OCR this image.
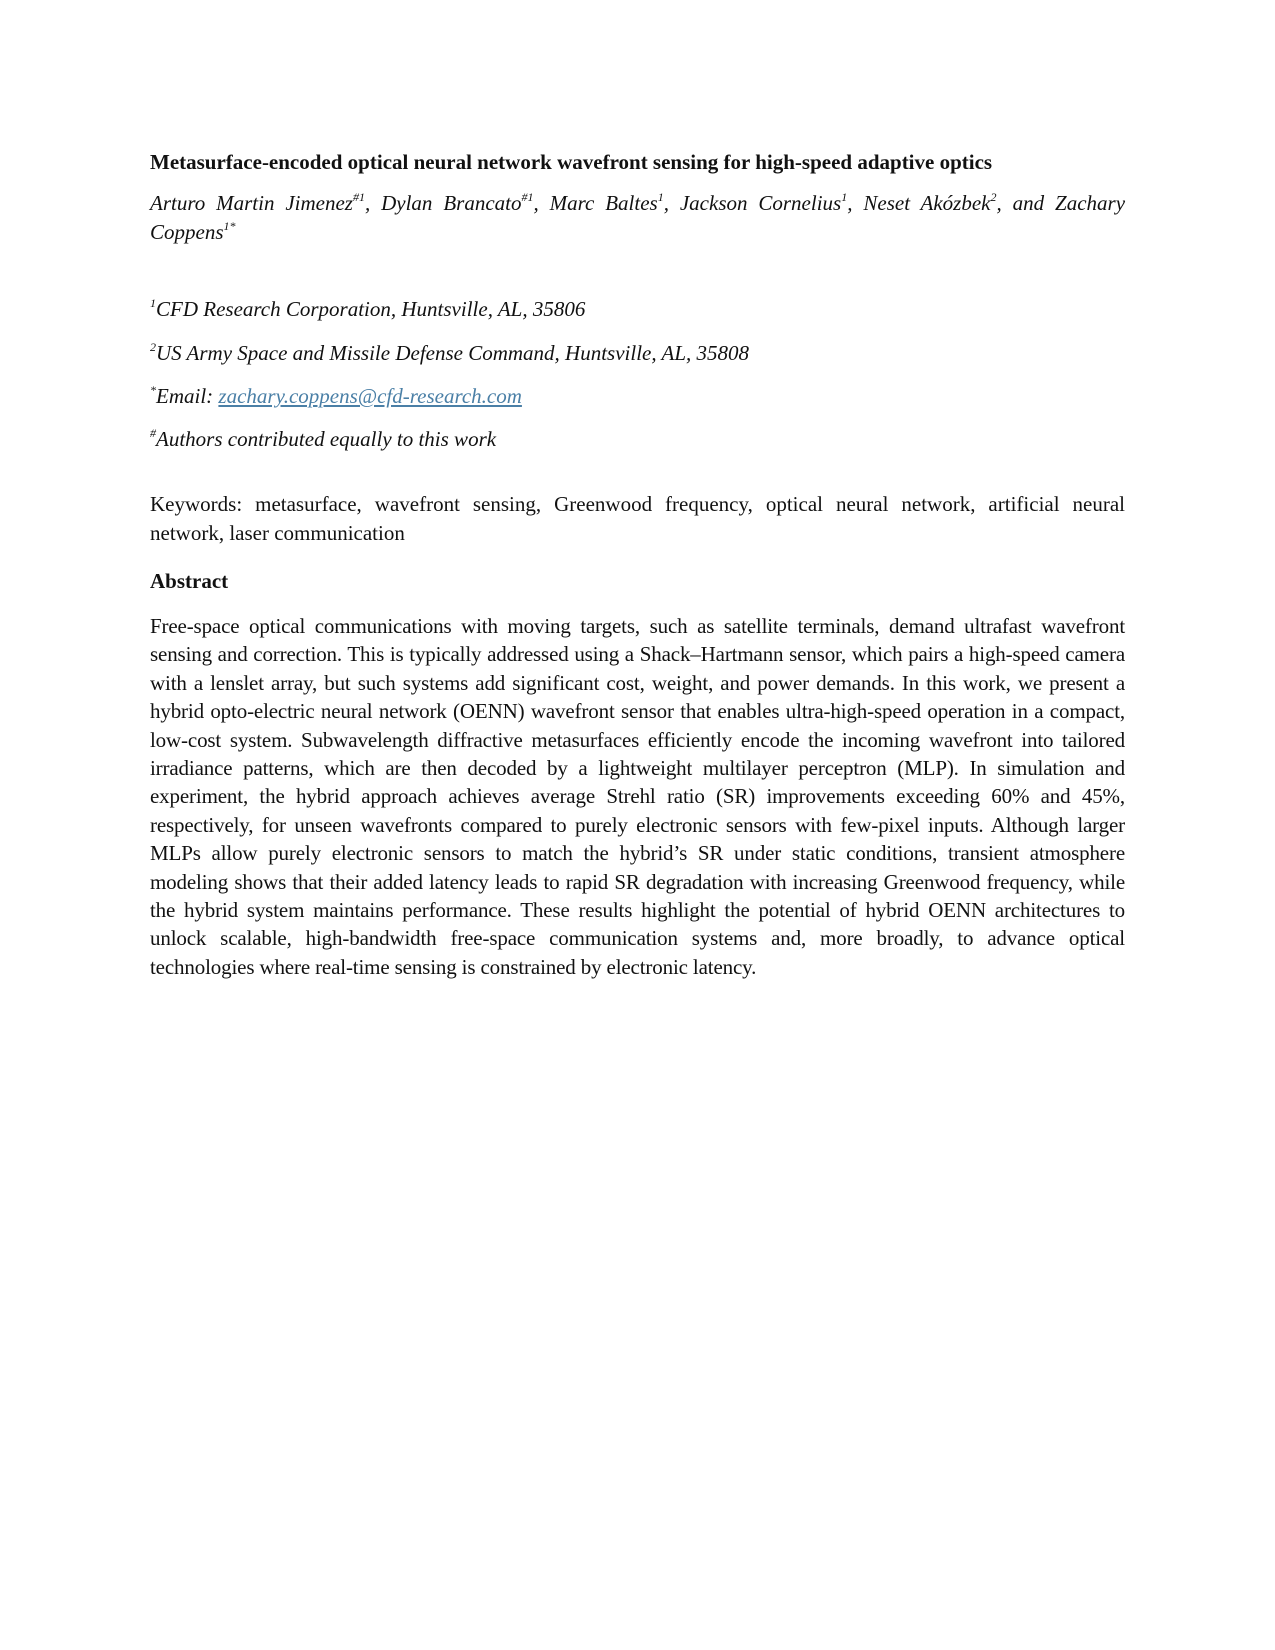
Metasurface-encoded optical neural network wavefront sensing for high-speed adaptive optics

Arturo Martin Jimenez$^{\#1}$, Dylan Brancato$^{\#1}$, Marc Baltes$^1$, Jackson Cornelius$^1$, Neset Akózbek$^2$, and Zachary Coppens$^{1*}$

$^1$CFD Research Corporation, Huntsville, AL, 35806

$^2$US Army Space and Missile Defense Command, Huntsville, AL, 35808

*Email: zachary.coppens@cfd-research.com

#Authors contributed equally to this work

Keywords: metasurface, wavefront sensing, Greenwood frequency, optical neural network, artificial neural network, laser communication

Abstract

Free-space optical communications with moving targets, such as satellite terminals, demand ultrafast wavefront sensing and correction. This is typically addressed using a Shack–Hartmann sensor, which pairs a high-speed camera with a lenslet array, but such systems add significant cost, weight, and power demands. In this work, we present a hybrid opto-electric neural network (OENN) wavefront sensor that enables ultra-high-speed operation in a compact, low-cost system. Subwavelength diffractive metasurfaces efficiently encode the incoming wavefront into tailored irradiance patterns, which are then decoded by a lightweight multilayer perceptron (MLP). In simulation and experiment, the hybrid approach achieves average Strehl ratio (SR) improvements exceeding 60% and 45%, respectively, for unseen wavefronts compared to purely electronic sensors with few-pixel inputs. Although larger MLPs allow purely electronic sensors to match the hybrid’s SR under static conditions, transient atmosphere modeling shows that their added latency leads to rapid SR degradation with increasing Greenwood frequency, while the hybrid system maintains performance. These results highlight the potential of hybrid OENN architectures to unlock scalable, high-bandwidth free-space communication systems and, more broadly, to advance optical technologies where real-time sensing is constrained by electronic latency.
